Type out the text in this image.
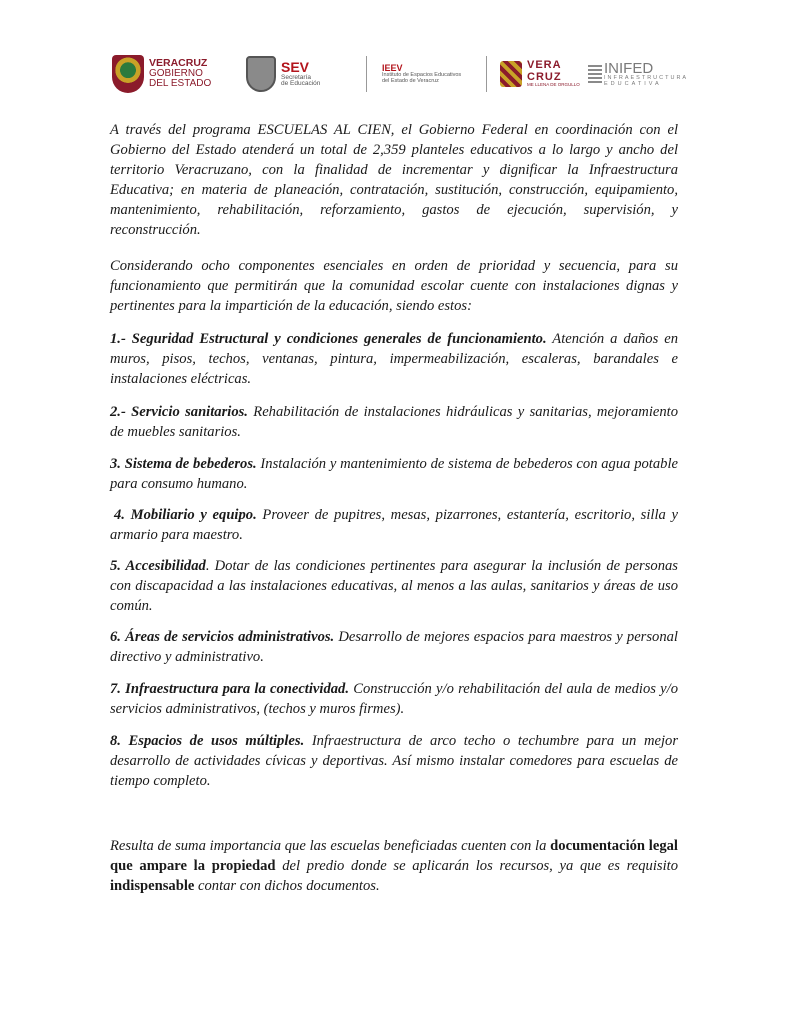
VERACRUZ
GOBIERNO
DEL ESTADO
SEV
Secretaría
de Educación
IEEV
Instituto de Espacios Educativos
del Estado de Veracruz
VERA
CRUZ
ME LLENA DE ORGULLO
INIFED
INFRAESTRUCTURA
EDUCATIVA

A través del programa ESCUELAS AL CIEN, el Gobierno Federal en coordinación con el Gobierno del Estado atenderá un total de 2,359 planteles educativos a lo largo y ancho del territorio Veracruzano, con la finalidad de incrementar y dignificar la Infraestructura Educativa; en materia de planeación, contratación, sustitución, construcción, equipamiento, mantenimiento, rehabilitación, reforzamiento, gastos de ejecución, supervisión, y reconstrucción.

Considerando ocho componentes esenciales en orden de prioridad y secuencia, para su funcionamiento que permitirán que la comunidad escolar cuente con instalaciones dignas y pertinentes para la impartición de la educación, siendo estos:

1.- Seguridad Estructural y condiciones generales de funcionamiento. Atención a daños en muros, pisos, techos, ventanas, pintura, impermeabilización, escaleras, barandales e instalaciones eléctricas.

2.- Servicio sanitarios. Rehabilitación de instalaciones hidráulicas y sanitarias, mejoramiento de muebles sanitarios.

3. Sistema de bebederos. Instalación y mantenimiento de sistema de bebederos con agua potable para consumo humano.

4. Mobiliario y equipo. Proveer de pupitres, mesas, pizarrones, estantería, escritorio, silla y armario para maestro.

5. Accesibilidad. Dotar de las condiciones pertinentes para asegurar la inclusión de personas con discapacidad a las instalaciones educativas, al menos a las aulas, sanitarios y áreas de uso común.

6. Áreas de servicios administrativos. Desarrollo de mejores espacios para maestros y personal directivo y administrativo.

7. Infraestructura para la conectividad. Construcción y/o rehabilitación del aula de medios y/o servicios administrativos, (techos y muros firmes).

8. Espacios de usos múltiples. Infraestructura de arco techo o techumbre para un mejor desarrollo de actividades cívicas y deportivas. Así mismo instalar comedores para escuelas de tiempo completo.

Resulta de suma importancia que las escuelas beneficiadas cuenten con la documentación legal que ampare la propiedad del predio donde se aplicarán los recursos, ya que es requisito indispensable contar con dichos documentos.
